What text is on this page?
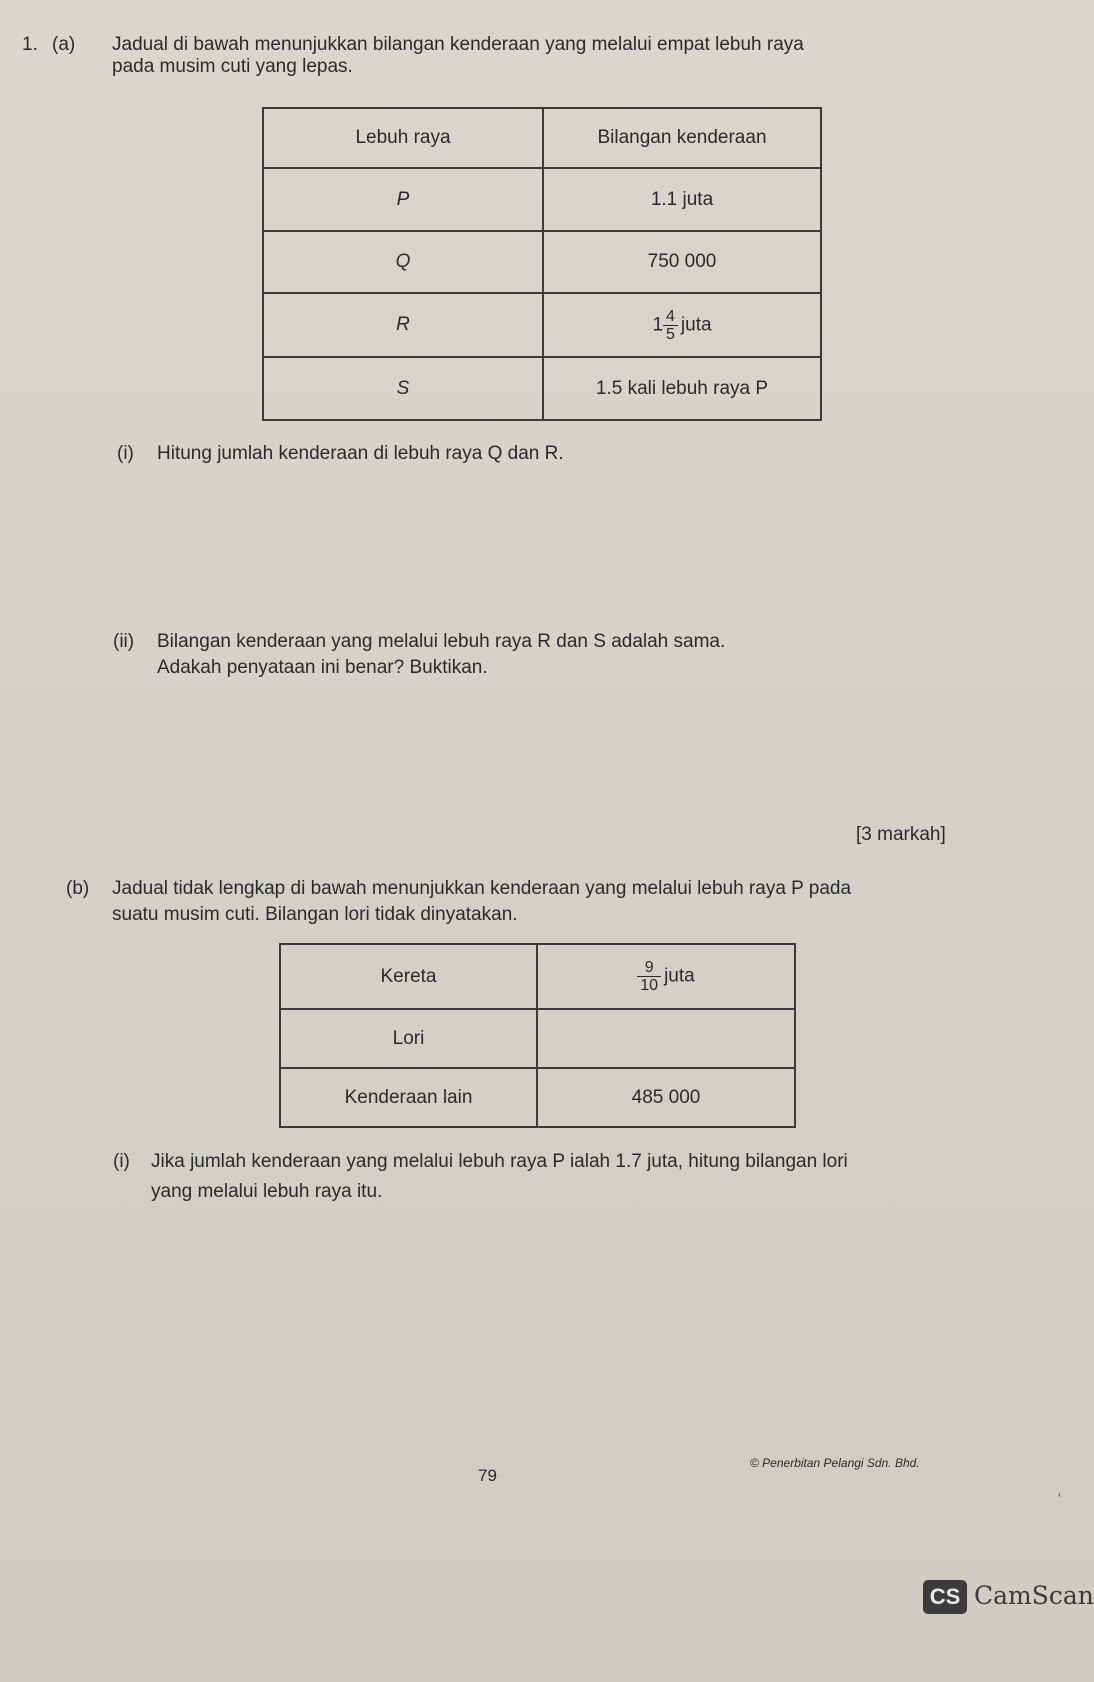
1. (a) Jadual di bawah menunjukkan bilangan kenderaan yang melalui empat lebuh raya
pada musim cuti yang lepas.
Lebuh raya	Bilangan kenderaan
P	1.1 juta
Q	750 000
R	$1 \frac{4}{5}$ juta
S	1.5 kali lebuh raya P
(i) Hitung jumlah kenderaan di lebuh raya Q dan R.
(ii) Bilangan kenderaan yang melalui lebuh raya R dan S adalah sama.
Adakah penyataan ini benar? Buktikan.
[3 markah]
(b) Jadual tidak lengkap di bawah menunjukkan kenderaan yang melalui lebuh raya P pada
suatu musim cuti. Bilangan lori tidak dinyatakan.
Kereta	$\frac{9}{10}$ juta
Lori	
Kenderaan lain	485 000
(i) Jika jumlah kenderaan yang melalui lebuh raya P ialah 1.7 juta, hitung bilangan lori
yang melalui lebuh raya itu.
79
© Penerbitan Pelangi Sdn. Bhd.
'
CS CamScan
